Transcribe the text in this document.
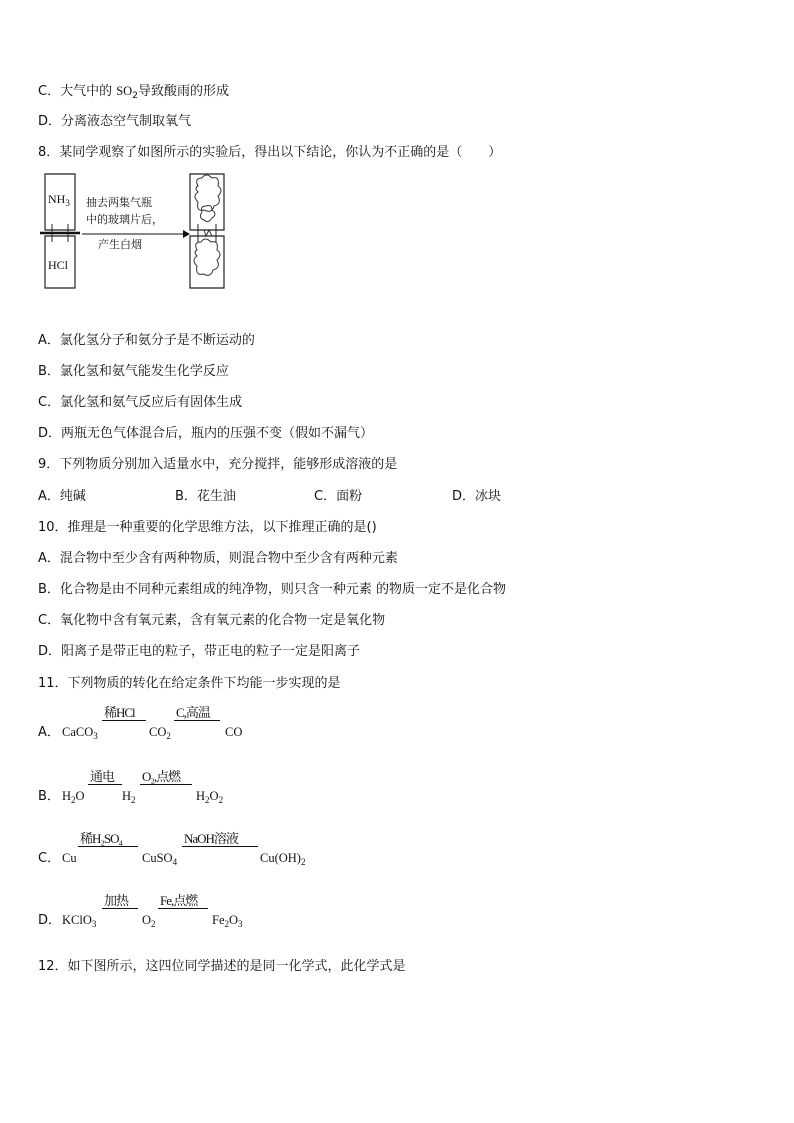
C．大气中的 $SO_2$导致酸雨的形成
D．分离液态空气制取氧气
8．某同学观察了如图所示的实验后，得出以下结论，你认为不正确的是（　　）
$NH_3$
HCl
抽去两集气瓶
中的玻璃片后，
产生白烟
A．氯化氢分子和氨分子是不断运动的
B．氯化氢和氨气能发生化学反应
C．氯化氢和氨气反应后有固体生成
D．两瓶无色气体混合后，瓶内的压强不变（假如不漏气）
9．下列物质分别加入适量水中，充分搅拌，能够形成溶液的是
A．纯碱	B．花生油	C．面粉	D．冰块
10．推理是一种重要的化学思维方法，以下推理正确的是()
A．混合物中至少含有两种物质，则混合物中至少含有两种元素
B．化合物是由不同种元素组成的纯净物，则只含一种元素 的物质一定不是化合物
C．氧化物中含有氧元素，含有氧元素的化合物一定是氧化物
D．阳离子是带正电的粒子，带正电的粒子一定是阳离子
11．下列物质的转化在给定条件下均能一步实现的是
A． CaCO$_3$
稀HCl
$CO_2$
C,高温
CO
B． $H_2O$
通电
$H_2$
O₂,点燃
$H_2O_2$
C． Cu
稀H₂SO₄
CuSO$_4$
NaOH溶液
$Cu(OH)_2$
D． KClO$_3$
加热
$O_2$
Fe,点燃
$Fe_2O_3$
12．如下图所示，这四位同学描述的是同一化学式，此化学式是
